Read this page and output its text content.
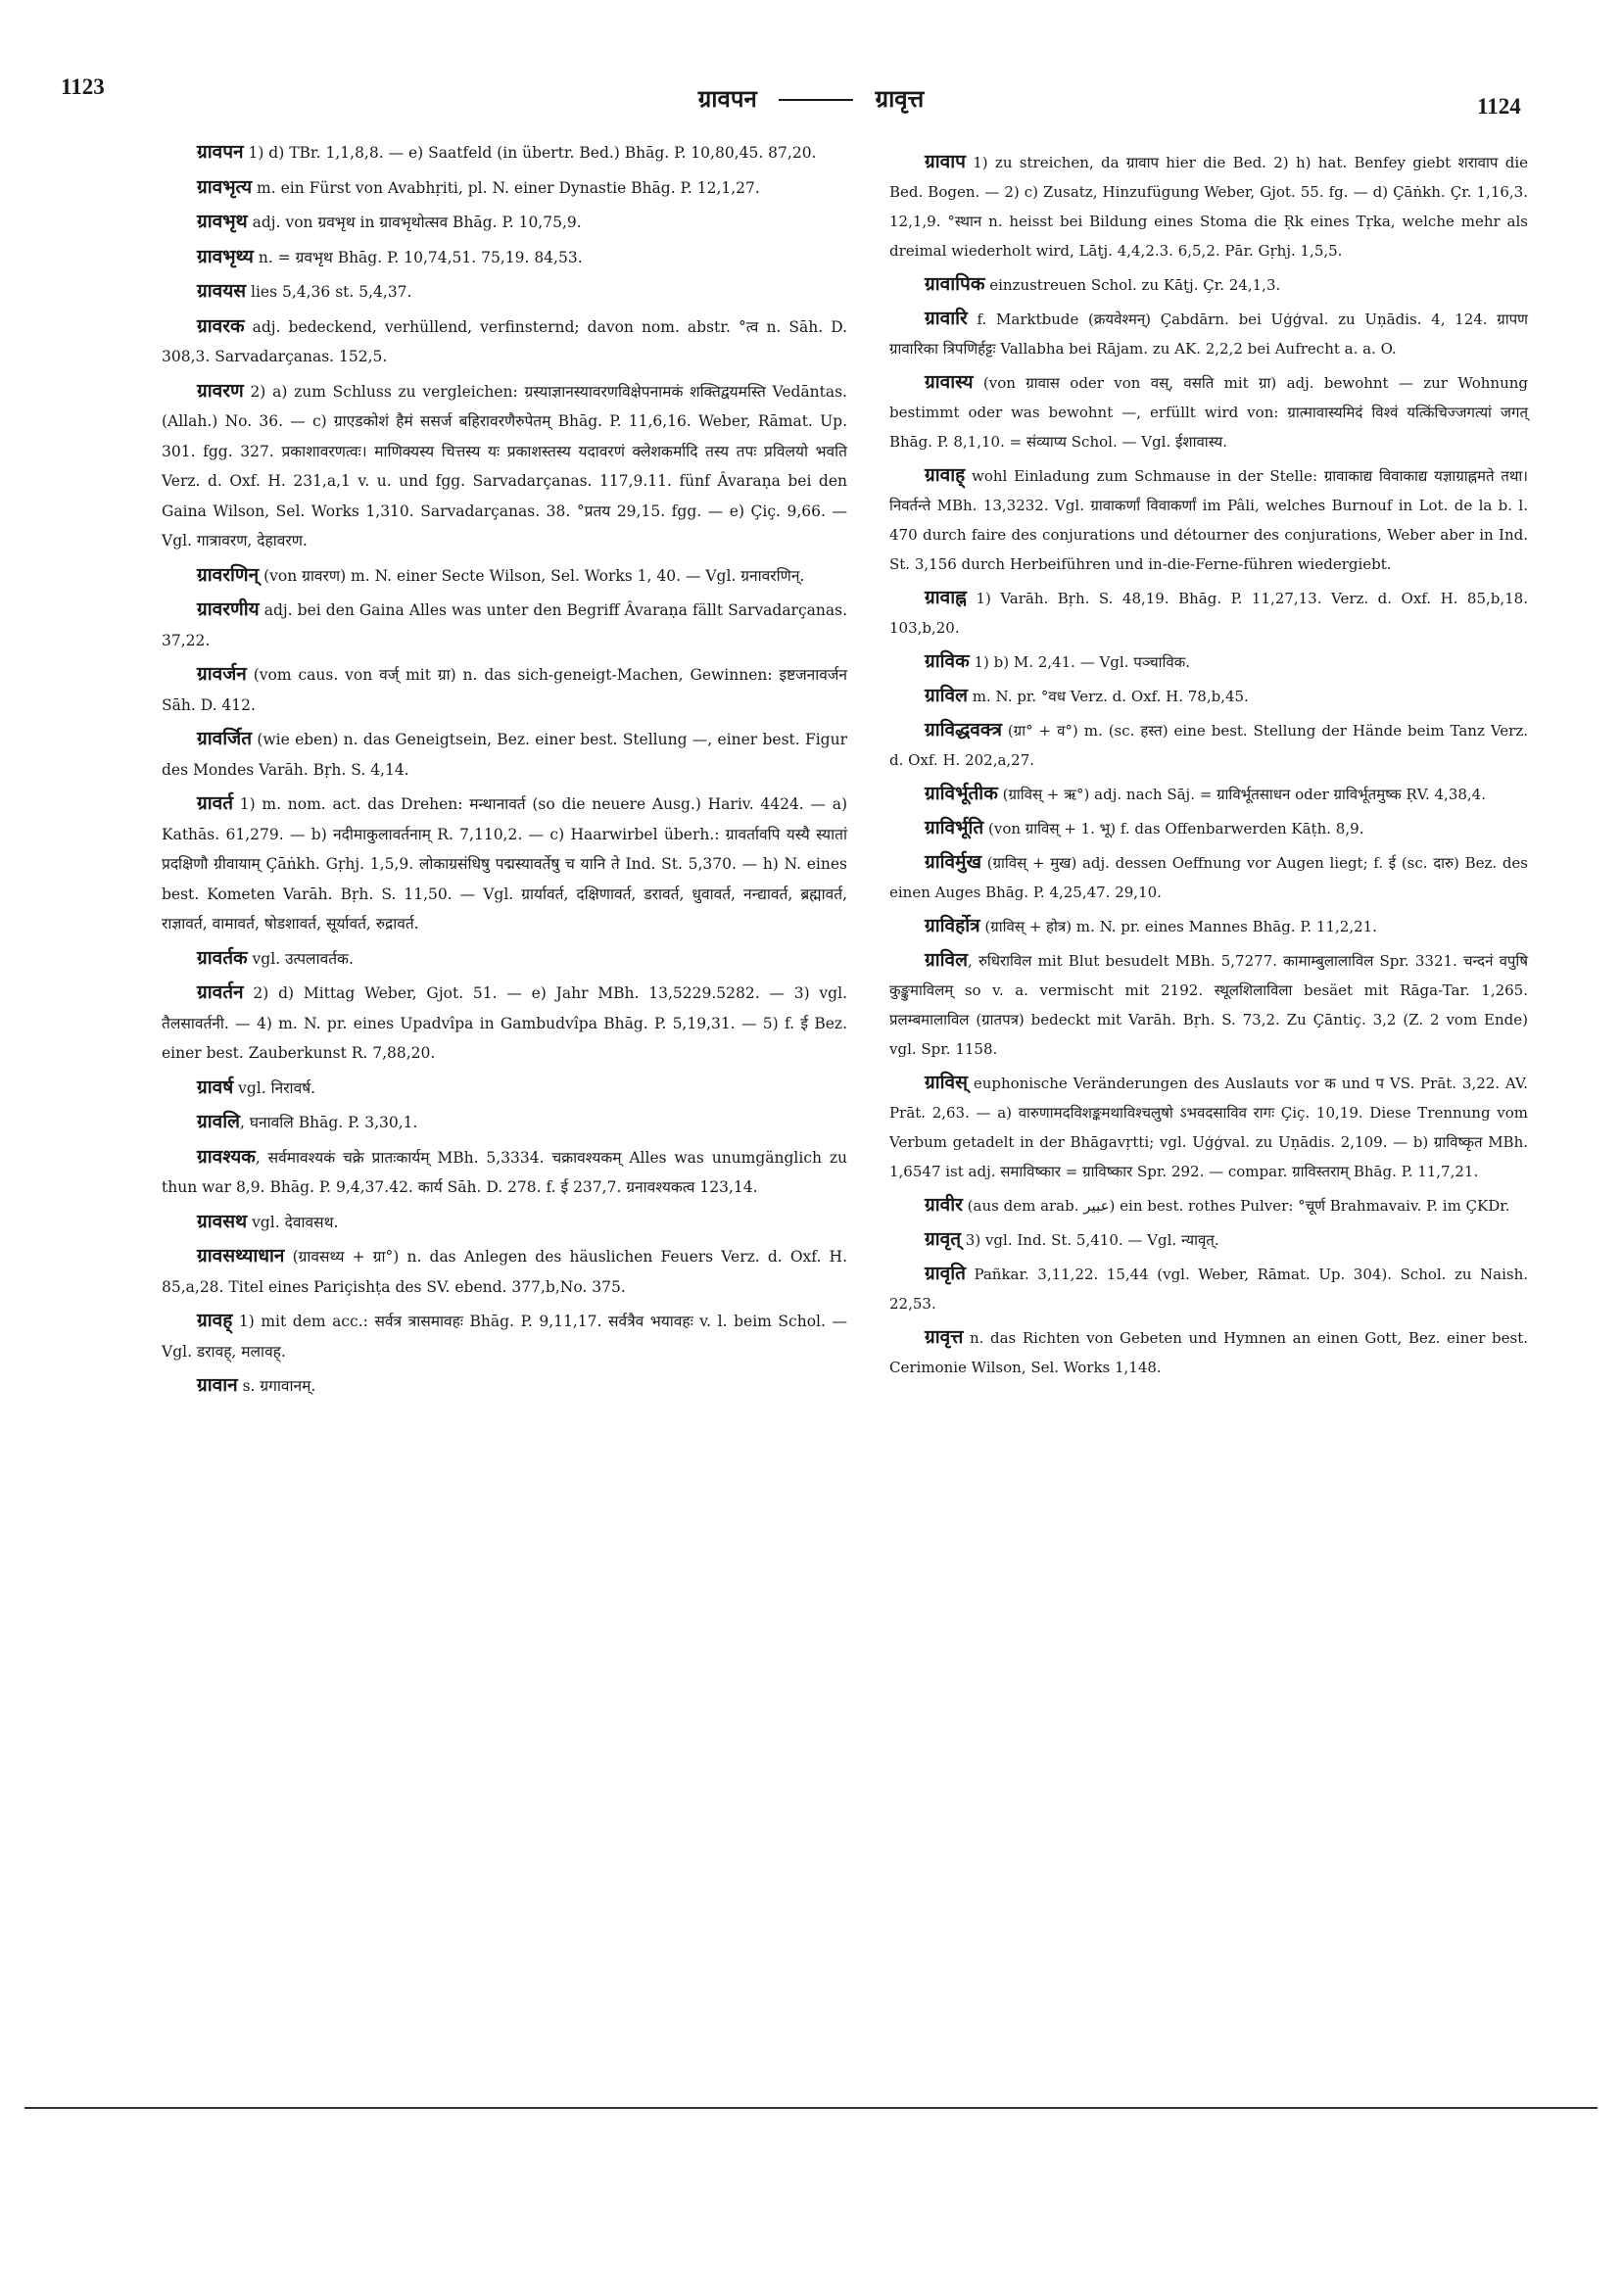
1123	ग्रावपन	ग्रावृत्त	1124

ग्रावपन 1) d) TBr. 1,1,8,8. — e) Saatfeld (in übertr. Bed.) Bhāg. P. 10,80,45. 87,20.

ग्रावभृत्य m. ein Fürst von Avabhṛiti, pl. N. einer Dynastie Bhāg. P. 12,1,27.

ग्रावभृथ adj. von ग्रवभृथ in ग्रावभृथोत्सव Bhāg. P. 10,75,9.

ग्रावभृथ्य n. = ग्रवभृथ Bhāg. P. 10,74,51. 75,19. 84,53.

ग्रावयस lies 5,4,36 st. 5,4,37.

ग्रावरक adj. bedeckend, verhüllend, verfinsternd; davon nom. abstr. °त्व n. Sāh. D. 308,3. Sarvadarçanas. 152,5.

ग्रावरण 2) a) zum Schluss zu vergleichen: ग्रस्याज्ञानस्यावरणविक्षेपनामकं शक्तिद्वयमस्ति Vedāntas. (Allah.) No. 36. — c) ग्राएडकोशं हैमं ससर्ज बहिरावरणैरुपेतम् Bhāg. P. 11,6,16. Weber, Rāmat. Up. 301. fgg. 327. प्रकाशावरणत्वः। माणिक्यस्य चित्तस्य यः प्रकाशस्तस्य यदावरणं क्लेशकर्मादि तस्य तपः प्रविलयो भवति Verz. d. Oxf. H. 231,a,1 v. u. und fgg. Sarvadarçanas. 117,9.11. fünf Âvaraṇa bei den Gaina Wilson, Sel. Works 1,310. Sarvadarçanas. 38. °प्रतय 29,15. fgg. — e) Çiç. 9,66. — Vgl. गात्रावरण, देहावरण.

ग्रावरणिन् (von ग्रावरण) m. N. einer Secte Wilson, Sel. Works 1, 40. — Vgl. ग्रनावरणिन्.

ग्रावरणीय adj. bei den Gaina Alles was unter den Begriff Âvaraṇa fällt Sarvadarçanas. 37,22.

ग्रावर्जन (vom caus. von वर्ज् mit ग्रा) n. das sich-geneigt-Machen, Gewinnen: इष्टजनावर्जन Sāh. D. 412.

ग्रावर्जित (wie eben) n. das Geneigtsein, Bez. einer best. Stellung —, einer best. Figur des Mondes Varāh. Bṛh. S. 4,14.

ग्रावर्त 1) m. nom. act. das Drehen: मन्थानावर्त (so die neuere Ausg.) Hariv. 4424. — a) Kathās. 61,279. — b) नदीमाकुलावर्तनाम् R. 7,110,2. — c) Haarwirbel überh.: ग्रावर्तावपि यस्यै स्यातां प्रदक्षिणौ ग्रीवायाम् Çāṅkh. Gṛhj. 1,5,9. लोकाग्रसंधिषु पद्मस्यावर्तेषु च यानि ते Ind. St. 5,370. — h) N. eines best. Kometen Varāh. Bṛh. S. 11,50. — Vgl. ग्रार्यावर्त, दक्षिणावर्त, डरावर्त, धुवावर्त, नन्द्यावर्त, ब्रह्मावर्त, राज्ञावर्त, वामावर्त, षोडशावर्त, सूर्यावर्त, रुद्रावर्त.

ग्रावर्तक vgl. उत्पलावर्तक.

ग्रावर्तन 2) d) Mittag Weber, Gjot. 51. — e) Jahr MBh. 13,5229.5282. — 3) vgl. तैलसावर्तनी. — 4) m. N. pr. eines Upadvîpa in Gambudvîpa Bhāg. P. 5,19,31. — 5) f. ई Bez. einer best. Zauberkunst R. 7,88,20.

ग्रावर्ष vgl. निरावर्ष.

ग्रावलि, घनावलि Bhāg. P. 3,30,1.

ग्रावश्यक, सर्वमावश्यकं चक्रे प्रातःकार्यम् MBh. 5,3334. चक्रावश्यकम् Alles was unumgänglich zu thun war 8,9. Bhāg. P. 9,4,37.42. कार्य Sāh. D. 278. f. ई 237,7. ग्रनावश्यकत्व 123,14.

ग्रावसथ vgl. देवावसथ.

ग्रावसथ्याधान (ग्रावसथ्य + ग्रा°) n. das Anlegen des häuslichen Feuers Verz. d. Oxf. H. 85,a,28. Titel eines Pariçishṭa des SV. ebend. 377,b,No. 375.

ग्रावह् 1) mit dem acc.: सर्वत्र त्रासमावहः Bhāg. P. 9,11,17. सर्वत्रैव भयावहः v. l. beim Schol. — Vgl. डरावह्, मलावह्.

ग्रावान s. ग्रगावानम्.

ग्रावाप 1) zu streichen, da ग्रावाप hier die Bed. 2) h) hat. Benfey giebt शरावाप die Bed. Bogen. — 2) c) Zusatz, Hinzufügung Weber, Gjot. 55. fg. — d) Çāṅkh. Çr. 1,16,3. 12,1,9. °स्थान n. heisst bei Bildung eines Stoma die Ṛk eines Tṛka, welche mehr als dreimal wiederholt wird, Lāṭj. 4,4,2.3. 6,5,2. Pār. Gṛhj. 1,5,5.

ग्रावापिक einzustreuen Schol. zu Kāṭj. Çr. 24,1,3.

ग्रावारि f. Marktbude (क्रयवेश्मन्) Çabdārn. bei Uģģval. zu Uṇādis. 4, 124. ग्रापण ग्रावारिका त्रिपणिर्हट्टः Vallabha bei Rājam. zu AK. 2,2,2 bei Aufrecht a. a. O.

ग्रावास्य (von ग्रावास oder von वस्, वसति mit ग्रा) adj. bewohnt — zur Wohnung bestimmt oder was bewohnt —, erfüllt wird von: ग्रात्मावास्यमिदं विश्वं यत्किंचिज्जगत्यां जगत् Bhāg. P. 8,1,10. = संव्याप्य Schol. — Vgl. ईशावास्य.

ग्रावाह् wohl Einladung zum Schmause in der Stelle: ग्रावाकाद्य विवाकाद्य यज्ञाग्राह्नमते तथा। निवर्तन्ते MBh. 13,3232. Vgl. ग्रावाकर्णां विवाकर्णां im Pâli, welches Burnouf in Lot. de la b. l. 470 durch faire des conjurations und détourner des conjurations, Weber aber in Ind. St. 3,156 durch Herbeiführen und in-die-Ferne-führen wiedergiebt.

ग्रावाह्न 1) Varāh. Bṛh. S. 48,19. Bhāg. P. 11,27,13. Verz. d. Oxf. H. 85,b,18. 103,b,20.

ग्राविक 1) b) M. 2,41. — Vgl. पञ्चाविक.

ग्राविल m. N. pr. °वध Verz. d. Oxf. H. 78,b,45.

ग्राविद्धवक्त्र (ग्रा° + व°) m. (sc. हस्त) eine best. Stellung der Hände beim Tanz Verz. d. Oxf. H. 202,a,27.

ग्राविर्भूतीक (ग्राविस् + ऋ°) adj. nach Sāj. = ग्राविर्भूतसाधन oder ग्राविर्भूतमुष्क ṚV. 4,38,4.

ग्राविर्भूति (von ग्राविस् + 1. भू) f. das Offenbarwerden Kāṭh. 8,9.

ग्राविर्मुख (ग्राविस् + मुख) adj. dessen Oeffnung vor Augen liegt; f. ई (sc. दारु) Bez. des einen Auges Bhāg. P. 4,25,47. 29,10.

ग्राविर्होत्र (ग्राविस् + होत्र) m. N. pr. eines Mannes Bhāg. P. 11,2,21.

ग्राविल, रुधिराविल mit Blut besudelt MBh. 5,7277. कामाम्बुलालाविल Spr. 3321. चन्दनं वपुषि कुङ्कुमाविलम् so v. a. vermischt mit 2192. स्थूलशिलाविला besäet mit Rāga-Tar. 1,265. प्रलम्बमालाविल (ग्रातपत्र) bedeckt mit Varāh. Bṛh. S. 73,2. Zu Çāntiç. 3,2 (Z. 2 vom Ende) vgl. Spr. 1158.

ग्राविस् euphonische Veränderungen des Auslauts vor क und प VS. Prāt. 3,22. AV. Prāt. 2,63. — a) वारुणामदविशङ्कमथाविश्चलुषो ऽभवदसाविव रागः Çiç. 10,19. Diese Trennung vom Verbum getadelt in der Bhāgavṛtti; vgl. Uģģval. zu Uṇādis. 2,109. — b) ग्राविष्कृत MBh. 1,6547 ist adj. समाविष्कार = ग्राविष्कार Spr. 292. — compar. ग्राविस्तराम् Bhāg. P. 11,7,21.

ग्रावीर (aus dem arab. عبير) ein best. rothes Pulver: °चूर्ण Brahmavaiv. P. im ÇKDr.

ग्रावृत् 3) vgl. Ind. St. 5,410. — Vgl. न्यावृत्.

ग्रावृति Pañkar. 3,11,22. 15,44 (vgl. Weber, Rāmat. Up. 304). Schol. zu Naish. 22,53.

ग्रावृत्त n. das Richten von Gebeten und Hymnen an einen Gott, Bez. einer best. Cerimonie Wilson, Sel. Works 1,148.
